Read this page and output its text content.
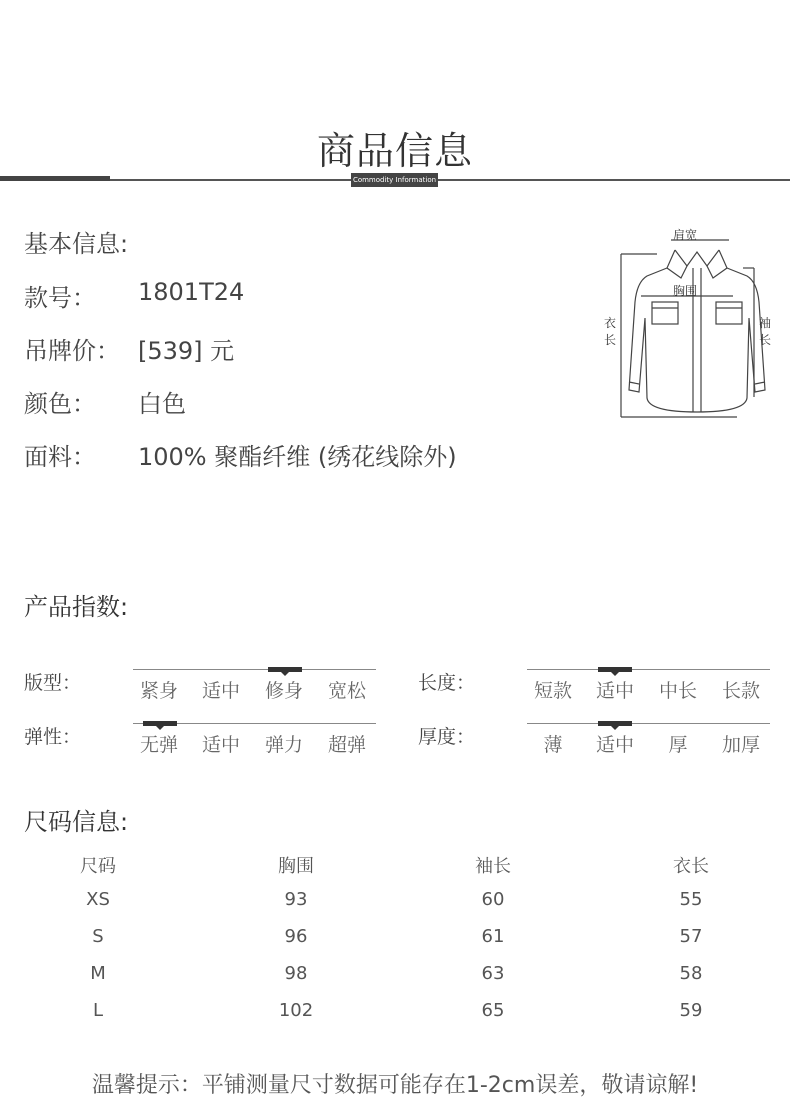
商品信息
Commodity Information
基本信息:
款号： 1801T24
吊牌价： [539] 元
颜色： 白色
面料： 100% 聚酯纤维 (绣花线除外)
肩宽
胸围
衣
长
袖
长
产品指数:
版型：	紧身	适中	修身	宽松	长度：	短款	适中	中长	长款
弹性：	无弹	适中	弹力	超弹	厚度：	薄	适中	厚	加厚
尺码信息:
尺码	胸围	袖长	衣长
XS	93	60	55
S	96	61	57
M	98	63	58
L	102	65	59
温馨提示：平铺测量尺寸数据可能存在1-2cm误差，敬请谅解!
